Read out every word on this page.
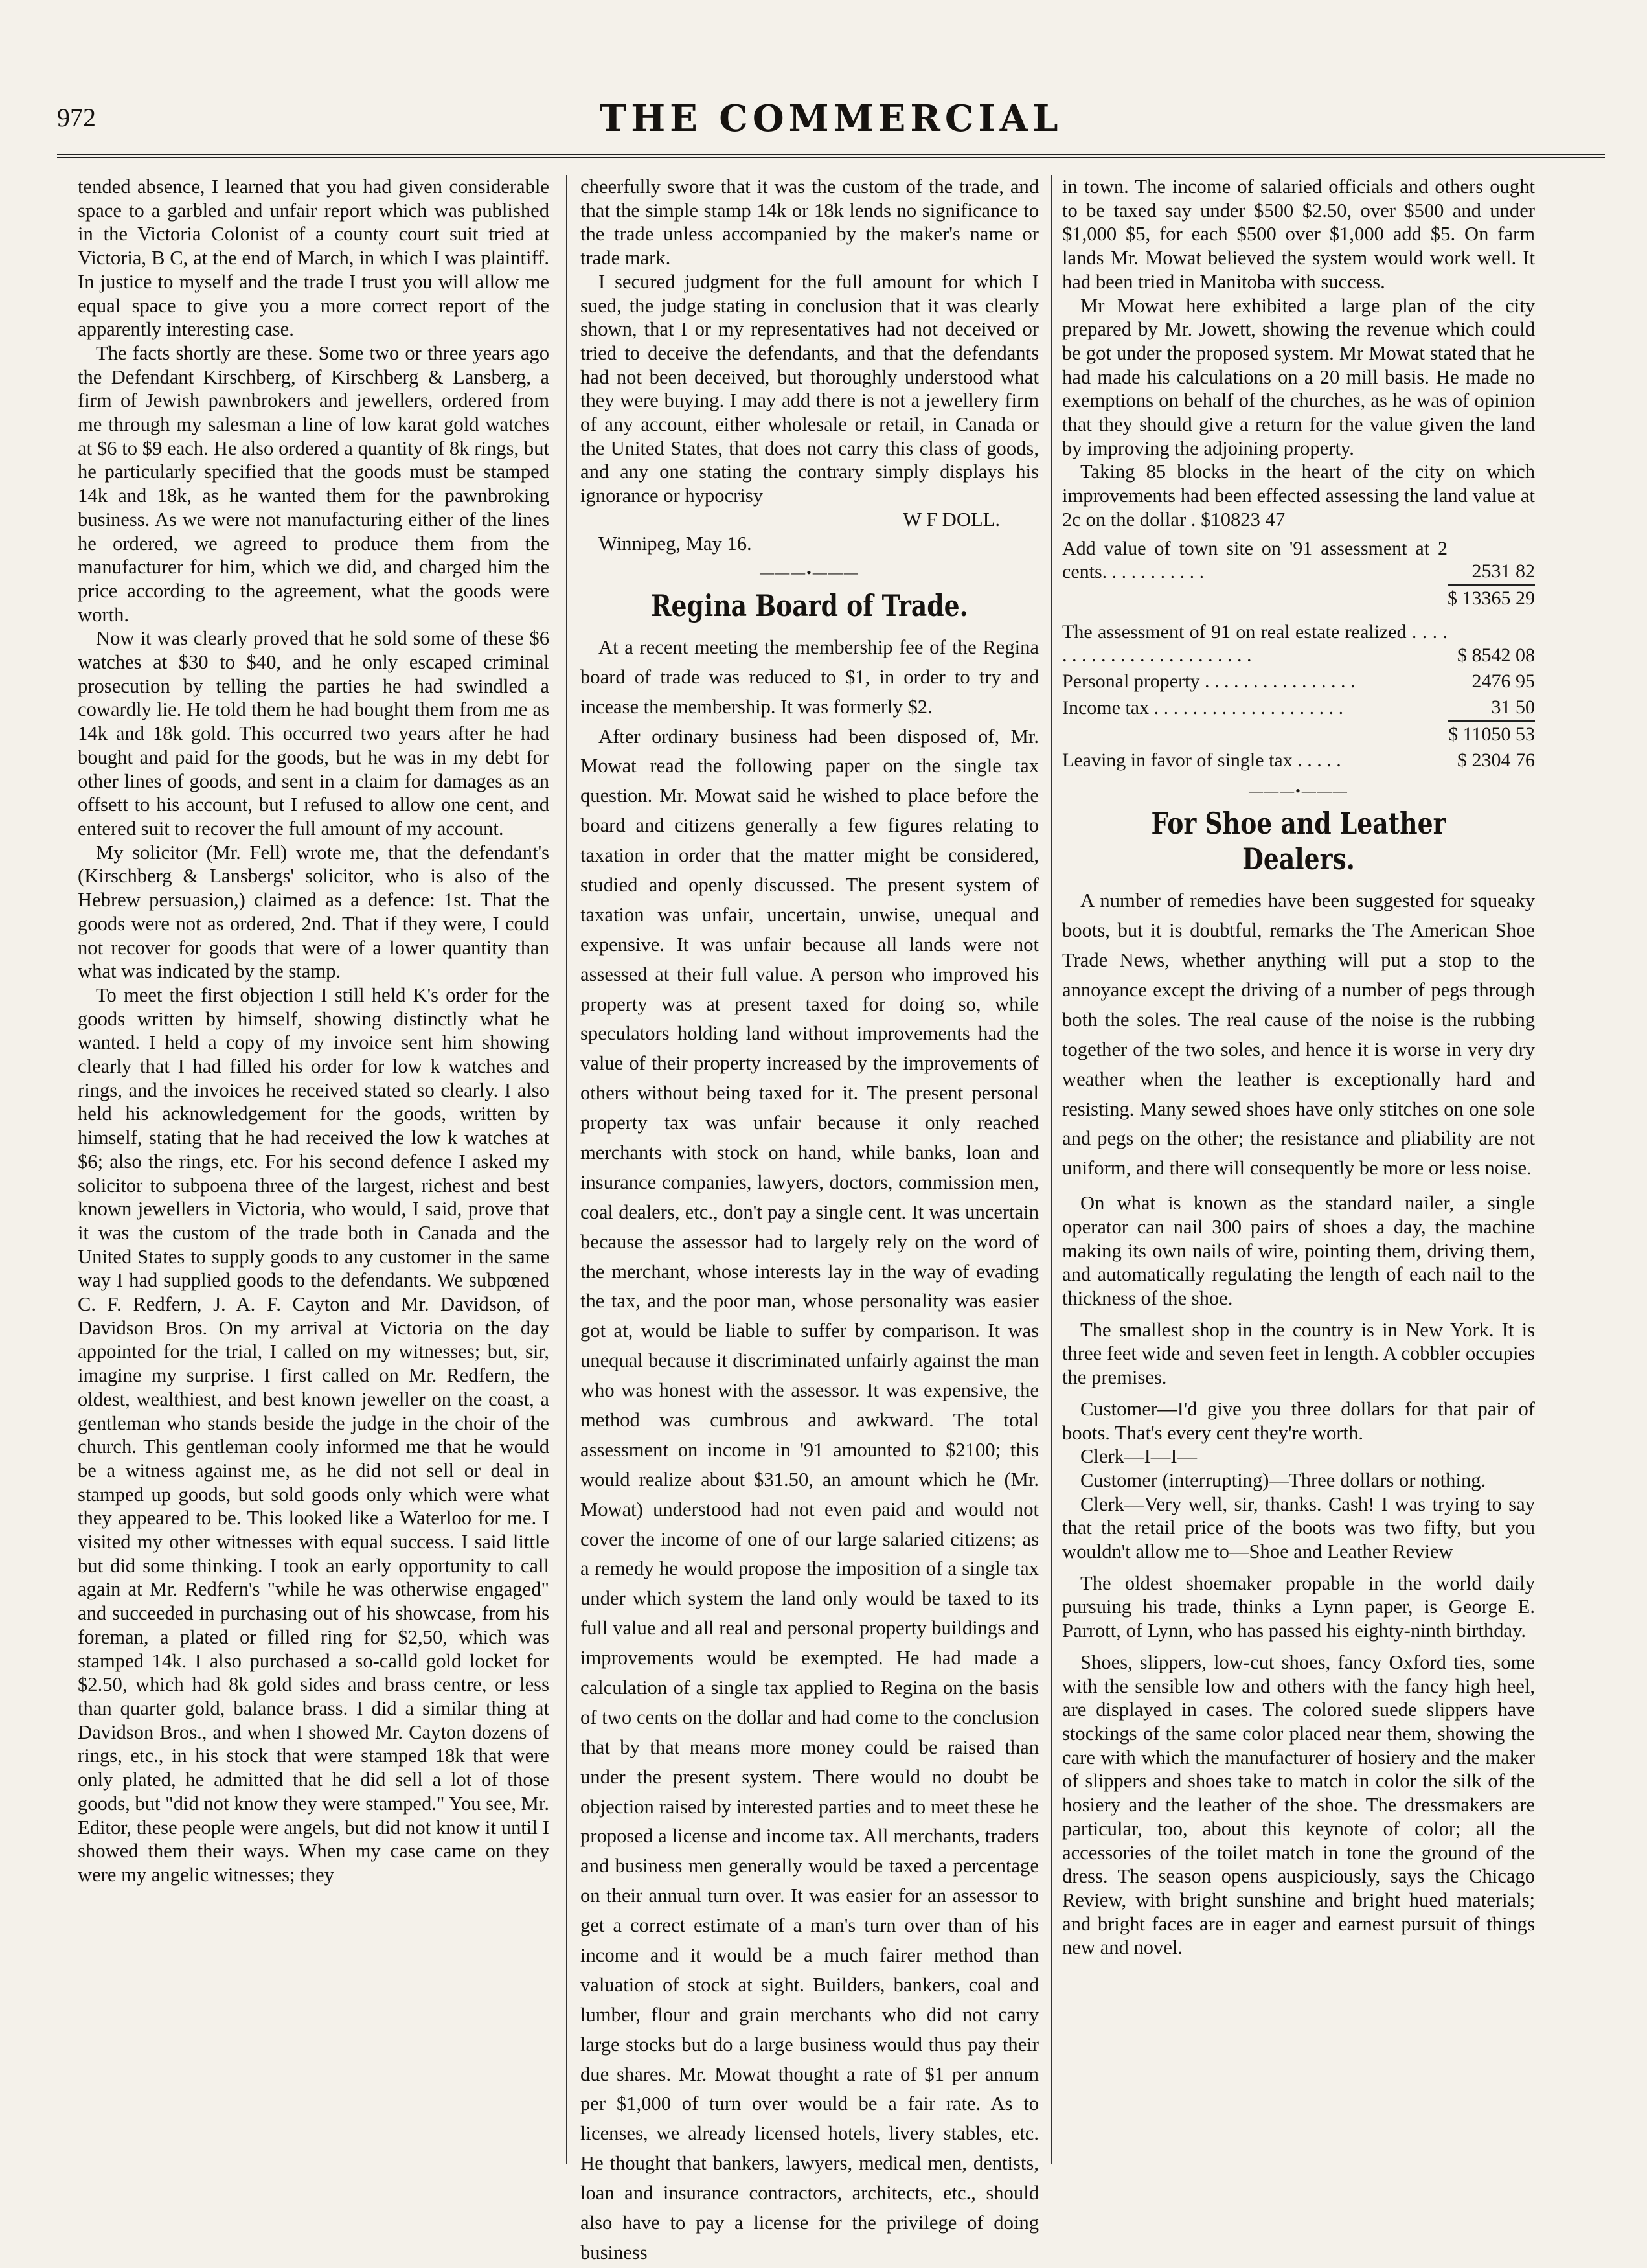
972	THE COMMERCIAL

tended absence, I learned that you had given considerable space to a garbled and unfair report which was published in the Victoria Colonist of a county court suit tried at Victoria, B C, at the end of March, in which I was plaintiff. In justice to myself and the trade I trust you will allow me equal space to give you a more correct report of the apparently interesting case.

The facts shortly are these. Some two or three years ago the Defendant Kirschberg, of Kirschberg & Lansberg, a firm of Jewish pawnbrokers and jewellers, ordered from me through my salesman a line of low karat gold watches at $6 to $9 each. He also ordered a quantity of 8k rings, but he particularly specified that the goods must be stamped 14k and 18k, as he wanted them for the pawnbroking business. As we were not manufacturing either of the lines he ordered, we agreed to produce them from the manufacturer for him, which we did, and charged him the price according to the agreement, what the goods were worth.

Now it was clearly proved that he sold some of these $6 watches at $30 to $40, and he only escaped criminal prosecution by telling the parties he had swindled a cowardly lie. He told them he had bought them from me as 14k and 18k gold. This occurred two years after he had bought and paid for the goods, but he was in my debt for other lines of goods, and sent in a claim for damages as an offsett to his account, but I refused to allow one cent, and entered suit to recover the full amount of my account.

My solicitor (Mr. Fell) wrote me, that the defendant's (Kirschberg & Lansbergs' solicitor, who is also of the Hebrew persuasion,) claimed as a defence: 1st. That the goods were not as ordered, 2nd. That if they were, I could not recover for goods that were of a lower quantity than what was indicated by the stamp.

To meet the first objection I still held K's order for the goods written by himself, showing distinctly what he wanted. I held a copy of my invoice sent him showing clearly that I had filled his order for low k watches and rings, and the invoices he received stated so clearly. I also held his acknowledgement for the goods, written by himself, stating that he had received the low k watches at $6; also the rings, etc. For his second defence I asked my solicitor to subpoena three of the largest, richest and best known jewellers in Victoria, who would, I said, prove that it was the custom of the trade both in Canada and the United States to supply goods to any customer in the same way I had supplied goods to the defendants. We subpœned C. F. Redfern, J. A. F. Cayton and Mr. Davidson, of Davidson Bros. On my arrival at Victoria on the day appointed for the trial, I called on my witnesses; but, sir, imagine my surprise. I first called on Mr. Redfern, the oldest, wealthiest, and best known jeweller on the coast, a gentleman who stands beside the judge in the choir of the church. This gentleman cooly informed me that he would be a witness against me, as he did not sell or deal in stamped up goods, but sold goods only which were what they appeared to be. This looked like a Waterloo for me. I visited my other witnesses with equal success. I said little but did some thinking. I took an early opportunity to call again at Mr. Redfern's "while he was otherwise engaged" and succeeded in purchasing out of his showcase, from his foreman, a plated or filled ring for $2,50, which was stamped 14k. I also purchased a so-calld gold locket for $2.50, which had 8k gold sides and brass centre, or less than quarter gold, balance brass. I did a similar thing at Davidson Bros., and when I showed Mr. Cayton dozens of rings, etc., in his stock that were stamped 18k that were only plated, he admitted that he did sell a lot of those goods, but "did not know they were stamped." You see, Mr. Editor, these people were angels, but did not know it until I showed them their ways. When my case came on they were my angelic witnesses; they

cheerfully swore that it was the custom of the trade, and that the simple stamp 14k or 18k lends no significance to the trade unless accompanied by the maker's name or trade mark.

I secured judgment for the full amount for which I sued, the judge stating in conclusion that it was clearly shown, that I or my representatives had not deceived or tried to deceive the defendants, and that the defendants had not been deceived, but thoroughly understood what they were buying. I may add there is not a jewellery firm of any account, either wholesale or retail, in Canada or the United States, that does not carry this class of goods, and any one stating the contrary simply displays his ignorance or hypocrisy

W F DOLL.

Winnipeg, May 16.

———•———
Regina Board of Trade.

At a recent meeting the membership fee of the Regina board of trade was reduced to $1, in order to try and incease the membership. It was formerly $2.

After ordinary business had been disposed of, Mr. Mowat read the following paper on the single tax question. Mr. Mowat said he wished to place before the board and citizens generally a few figures relating to taxation in order that the matter might be considered, studied and openly discussed. The present system of taxation was unfair, uncertain, unwise, unequal and expensive. It was unfair because all lands were not assessed at their full value. A person who improved his property was at present taxed for doing so, while speculators holding land without improvements had the value of their property increased by the improvements of others without being taxed for it. The present personal property tax was unfair because it only reached merchants with stock on hand, while banks, loan and insurance companies, lawyers, doctors, commission men, coal dealers, etc., don't pay a single cent. It was uncertain because the assessor had to largely rely on the word of the merchant, whose interests lay in the way of evading the tax, and the poor man, whose personality was easier got at, would be liable to suffer by comparison. It was unequal because it discriminated unfairly against the man who was honest with the assessor. It was expensive, the method was cumbrous and awkward. The total assessment on income in '91 amounted to $2100; this would realize about $31.50, an amount which he (Mr. Mowat) understood had not even paid and would not cover the income of one of our large salaried citizens; as a remedy he would propose the imposition of a single tax under which system the land only would be taxed to its full value and all real and personal property buildings and improvements would be exempted. He had made a calculation of a single tax applied to Regina on the basis of two cents on the dollar and had come to the conclusion that by that means more money could be raised than under the present system. There would no doubt be objection raised by interested parties and to meet these he proposed a license and income tax. All merchants, traders and business men generally would be taxed a percentage on their annual turn over. It was easier for an assessor to get a correct estimate of a man's turn over than of his income and it would be a much fairer method than valuation of stock at sight. Builders, bankers, coal and lumber, flour and grain merchants who did not carry large stocks but do a large business would thus pay their due shares. Mr. Mowat thought a rate of $1 per annum per $1,000 of turn over would be a fair rate. As to licenses, we already licensed hotels, livery stables, etc. He thought that bankers, lawyers, medical men, dentists, loan and insurance contractors, architects, etc., should also have to pay a license for the privilege of doing business

in town. The income of salaried officials and others ought to be taxed say under $500 $2.50, over $500 and under $1,000 $5, for each $500 over $1,000 add $5. On farm lands Mr. Mowat believed the system would work well. It had been tried in Manitoba with success.

Mr Mowat here exhibited a large plan of the city prepared by Mr. Jowett, showing the revenue which could be got under the proposed system. Mr Mowat stated that he had made his calculations on a 20 mill basis. He made no exemptions on behalf of the churches, as he was of opinion that they should give a return for the value given the land by improving the adjoining property.

Taking 85 blocks in the heart of the city on which improvements had been effected assessing the land value at 2c on the dollar . $10823 47

Add value of town site on '91 assessment at 2 cents. . . . . . . . . . .	2531 82
	$ 13365 29
The assessment of 91 on real estate realized . . . . . . . . . . . . . . . . . . . . . . . .	$ 8542 08
Personal property . . . . . . . . . . . . . . . .	2476 95
Income tax . . . . . . . . . . . . . . . . . . . .	31 50
	$ 11050 53
Leaving in favor of single tax . . . . .	$ 2304 76
———•———
For Shoe and Leather Dealers.

A number of remedies have been suggested for squeaky boots, but it is doubtful, remarks the The American Shoe Trade News, whether anything will put a stop to the annoyance except the driving of a number of pegs through both the soles. The real cause of the noise is the rubbing together of the two soles, and hence it is worse in very dry weather when the leather is exceptionally hard and resisting. Many sewed shoes have only stitches on one sole and pegs on the other; the resistance and pliability are not uniform, and there will consequently be more or less noise.

On what is known as the standard nailer, a single operator can nail 300 pairs of shoes a day, the machine making its own nails of wire, pointing them, driving them, and automatically regulating the length of each nail to the thickness of the shoe.

The smallest shop in the country is in New York. It is three feet wide and seven feet in length. A cobbler occupies the premises.

Customer—I'd give you three dollars for that pair of boots. That's every cent they're worth.

Clerk—I—I—

Customer (interrupting)—Three dollars or nothing.

Clerk—Very well, sir, thanks. Cash! I was trying to say that the retail price of the boots was two fifty, but you wouldn't allow me to—Shoe and Leather Review

The oldest shoemaker propable in the world daily pursuing his trade, thinks a Lynn paper, is George E. Parrott, of Lynn, who has passed his eighty-ninth birthday.

Shoes, slippers, low-cut shoes, fancy Oxford ties, some with the sensible low and others with the fancy high heel, are displayed in cases. The colored suede slippers have stockings of the same color placed near them, showing the care with which the manufacturer of hosiery and the maker of slippers and shoes take to match in color the silk of the hosiery and the leather of the shoe. The dressmakers are particular, too, about this keynote of color; all the accessories of the toilet match in tone the ground of the dress. The season opens auspiciously, says the Chicago Review, with bright sunshine and bright hued materials; and bright faces are in eager and earnest pursuit of things new and novel.
